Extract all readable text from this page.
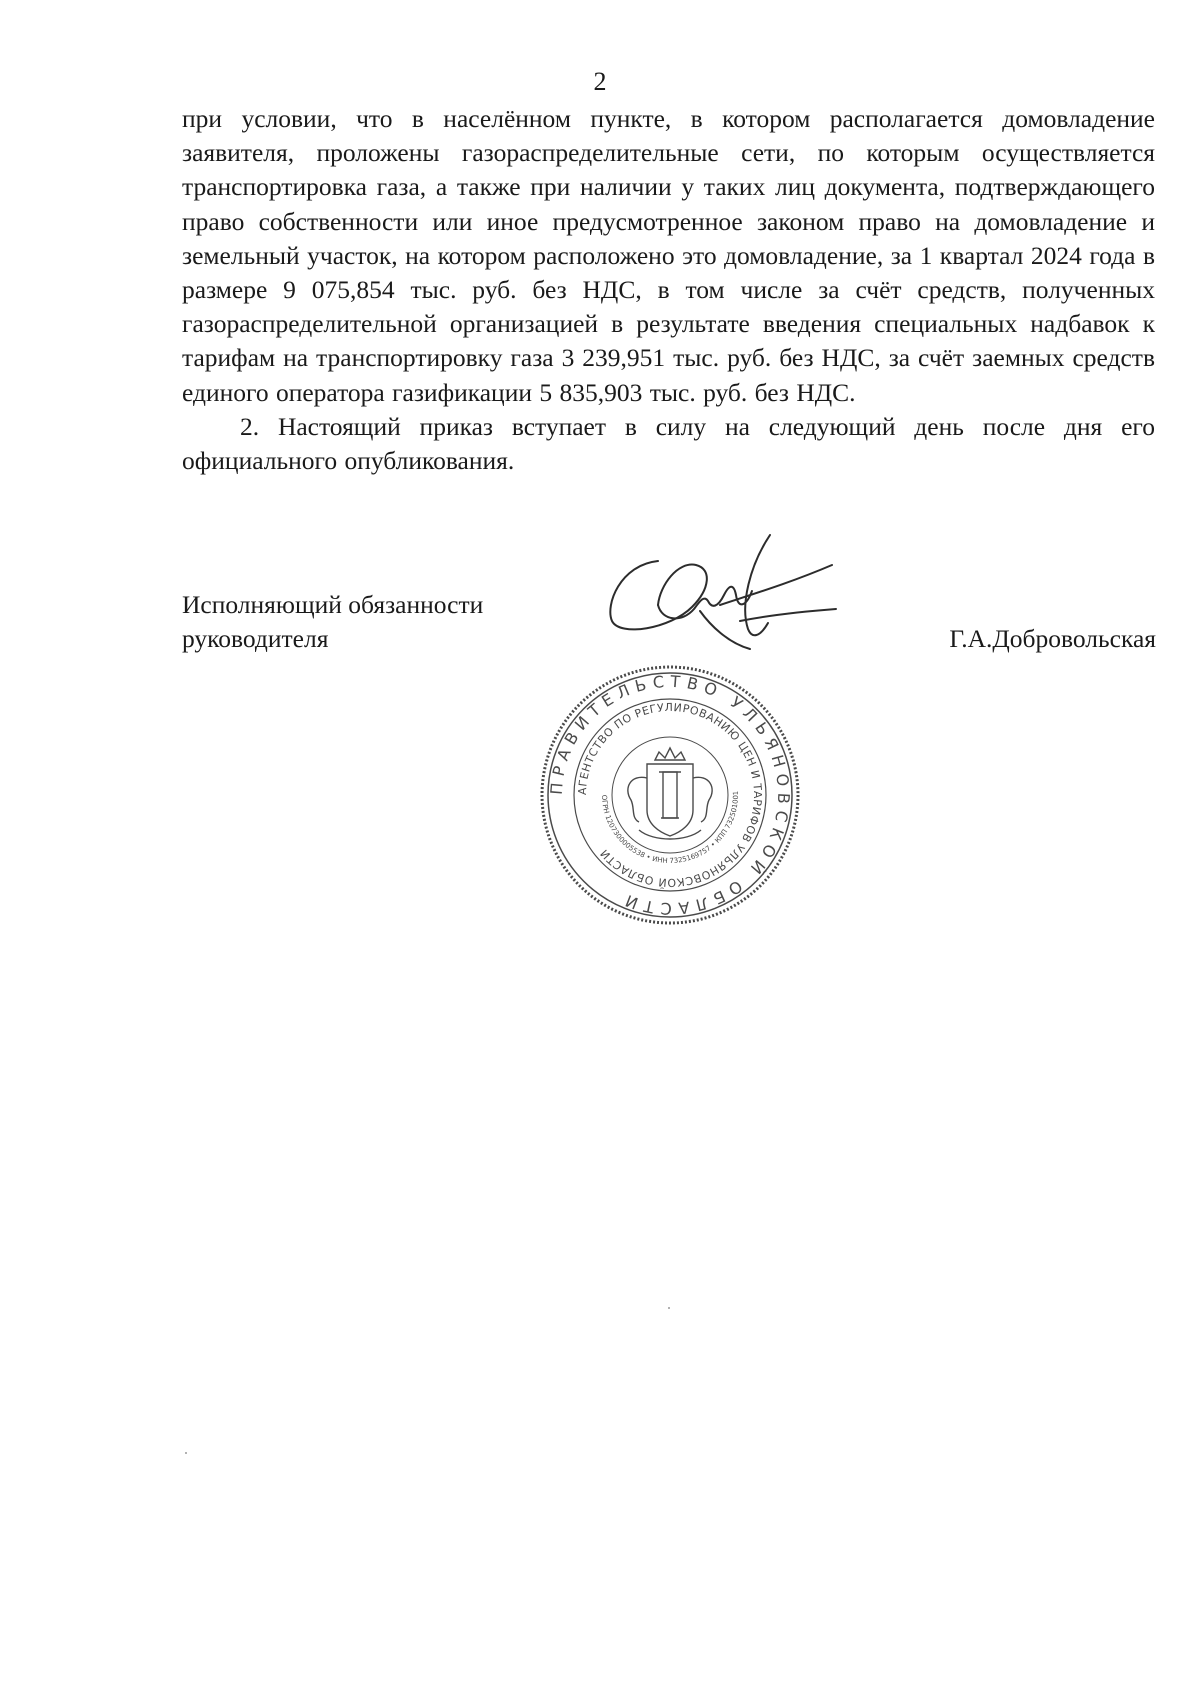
2

при условии, что в населённом пункте, в котором располагается домовладение заявителя, проложены газораспределительные сети, по которым осуществляется транспортировка газа, а также при наличии у таких лиц документа, подтверждающего право собственности или иное предусмотренное законом право на домовладение и земельный участок, на котором расположено это домовладение, за 1 квартал 2024 года в размере 9 075,854 тыс. руб. без НДС, в том числе за счёт средств, полученных газораспределительной организацией в результате введения специальных надбавок к тарифам на транспортировку газа 3 239,951 тыс. руб. без НДС, за счёт заемных средств единого оператора газификации 5 835,903 тыс. руб. без НДС.

2. Настоящий приказ вступает в силу на следующий день после дня его официального опубликования.

Исполняющий обязанности
руководителя	Г.А.Добровольская
ПРАВИТЕЛЬСТВО УЛЬЯНОВСКОЙ ОБЛАСТИ
АГЕНТСТВО ПО РЕГУЛИРОВАНИЮ ЦЕН И ТАРИФОВ УЛЬЯНОВСКОЙ ОБЛАСТИ
ОГРН 1207300005538 • ИНН 7325169757 • КПП 732501001
